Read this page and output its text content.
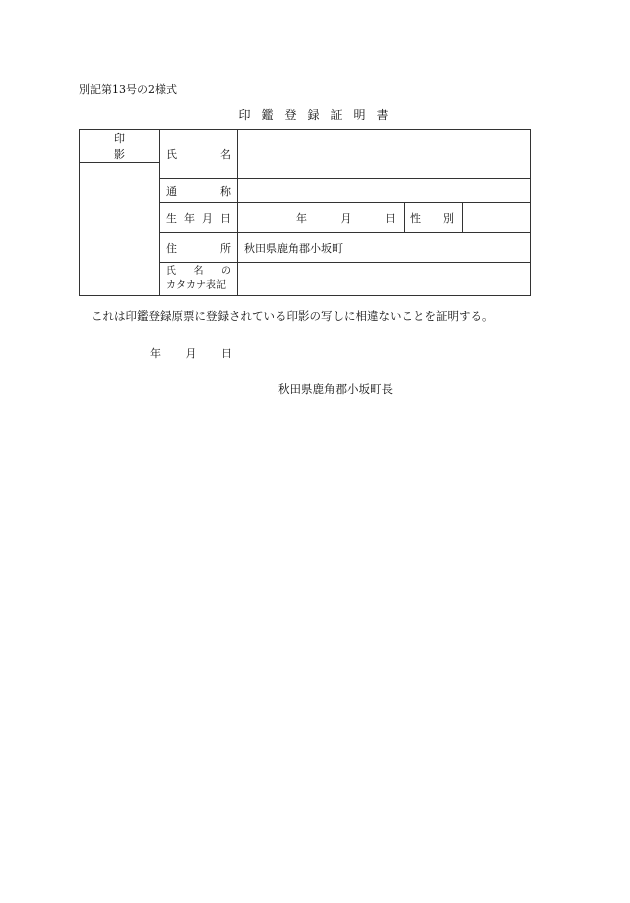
別記第13号の2様式
印鑑登録証明書
印影	氏 名			

	通 称			

	生 年 月 日	年 月 日	性 別	

	住 所	秋田県鹿角郡小坂町		

	氏 名 の
カタカナ表記			

これは印鑑登録原票に登録されている印影の写しに相違ないことを証明する。
年 月 日
秋田県鹿角郡小坂町長
